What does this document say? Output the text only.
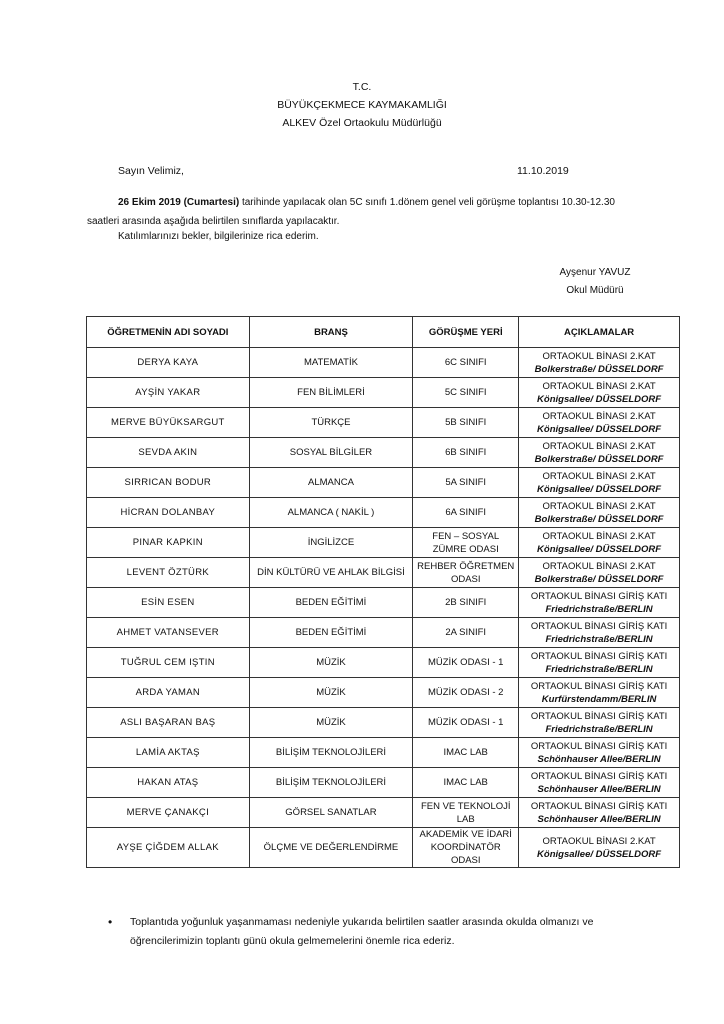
T.C.
BÜYÜKÇEKMECE KAYMAKAMLIĞI
ALKEV Özel Ortaokulu Müdürlüğü
Sayın Velimiz,	11.10.2019
26 Ekim 2019 (Cumartesi) tarihinde yapılacak olan 5C sınıfı 1.dönem genel veli görüşme toplantısı 10.30-12.30 saatleri arasında aşağıda belirtilen sınıflarda yapılacaktır.
Katılımlarınızı bekler, bilgilerinize rica ederim.
Ayşenur YAVUZ
Okul Müdürü
ÖĞRETMENİN ADI SOYADI	BRANŞ	GÖRÜŞME YERİ	AÇIKLAMALAR
DERYA KAYA	MATEMATİK	6C SINIFI	ORTAOKUL BİNASI 2.KAT
Bolkerstraße/ DÜSSELDORF

AYŞİN YAKAR	FEN BİLİMLERİ	5C SINIFI	ORTAOKUL BİNASI 2.KAT
Königsallee/ DÜSSELDORF

MERVE BÜYÜKSARGUT	TÜRKÇE	5B SINIFI	ORTAOKUL BİNASI 2.KAT
Königsallee/ DÜSSELDORF

SEVDA AKIN	SOSYAL BİLGİLER	6B SINIFI	ORTAOKUL BİNASI 2.KAT
Bolkerstraße/ DÜSSELDORF

SIRRICAN BODUR	ALMANCA	5A SINIFI	ORTAOKUL BİNASI 2.KAT
Königsallee/ DÜSSELDORF

HİCRAN DOLANBAY	ALMANCA ( NAKİL )	6A SINIFI	ORTAOKUL BİNASI 2.KAT
Bolkerstraße/ DÜSSELDORF

PINAR KAPKIN	İNGİLİZCE	FEN – SOSYAL ZÜMRE ODASI	ORTAOKUL BİNASI 2.KAT
Königsallee/ DÜSSELDORF

LEVENT ÖZTÜRK	DİN KÜLTÜRÜ VE AHLAK BİLGİSİ	REHBER ÖĞRETMEN ODASI	ORTAOKUL BİNASI 2.KAT
Bolkerstraße/ DÜSSELDORF

ESİN ESEN	BEDEN EĞİTİMİ	2B SINIFI	ORTAOKUL BİNASI GİRİŞ KATI
Friedrichstraße/BERLIN

AHMET VATANSEVER	BEDEN EĞİTİMİ	2A SINIFI	ORTAOKUL BİNASI GİRİŞ KATI
Friedrichstraße/BERLIN

TUĞRUL CEM IŞTIN	MÜZİK	MÜZİK ODASI - 1	ORTAOKUL BİNASI GİRİŞ KATI
Friedrichstraße/BERLIN

ARDA YAMAN	MÜZİK	MÜZİK ODASI - 2	ORTAOKUL BİNASI GİRİŞ KATI
Kurfürstendamm/BERLIN

ASLI BAŞARAN BAŞ	MÜZİK	MÜZİK ODASI - 1	ORTAOKUL BİNASI GİRİŞ KATI
Friedrichstraße/BERLIN

LAMİA AKTAŞ	BİLİŞİM TEKNOLOJİLERİ	IMAC LAB	ORTAOKUL BİNASI GİRİŞ KATI
Schönhauser Allee/BERLIN

HAKAN ATAŞ	BİLİŞİM TEKNOLOJİLERİ	IMAC LAB	ORTAOKUL BİNASI GİRİŞ KATI
Schönhauser Allee/BERLIN

MERVE ÇANAKÇI	GÖRSEL SANATLAR	FEN VE TEKNOLOJİ LAB	ORTAOKUL BİNASI GİRİŞ KATI
Schönhauser Allee/BERLIN

AYŞE ÇİĞDEM ALLAK	ÖLÇME VE DEĞERLENDİRME	AKADEMİK VE İDARİ KOORDİNATÖR ODASI	ORTAOKUL BİNASI 2.KAT
Königsallee/ DÜSSELDORF
•	Toplantıda yoğunluk yaşanmaması nedeniyle yukarıda belirtilen saatler arasında okulda olmanızı ve öğrencilerimizin toplantı günü okula gelmemelerini önemle rica ederiz.
